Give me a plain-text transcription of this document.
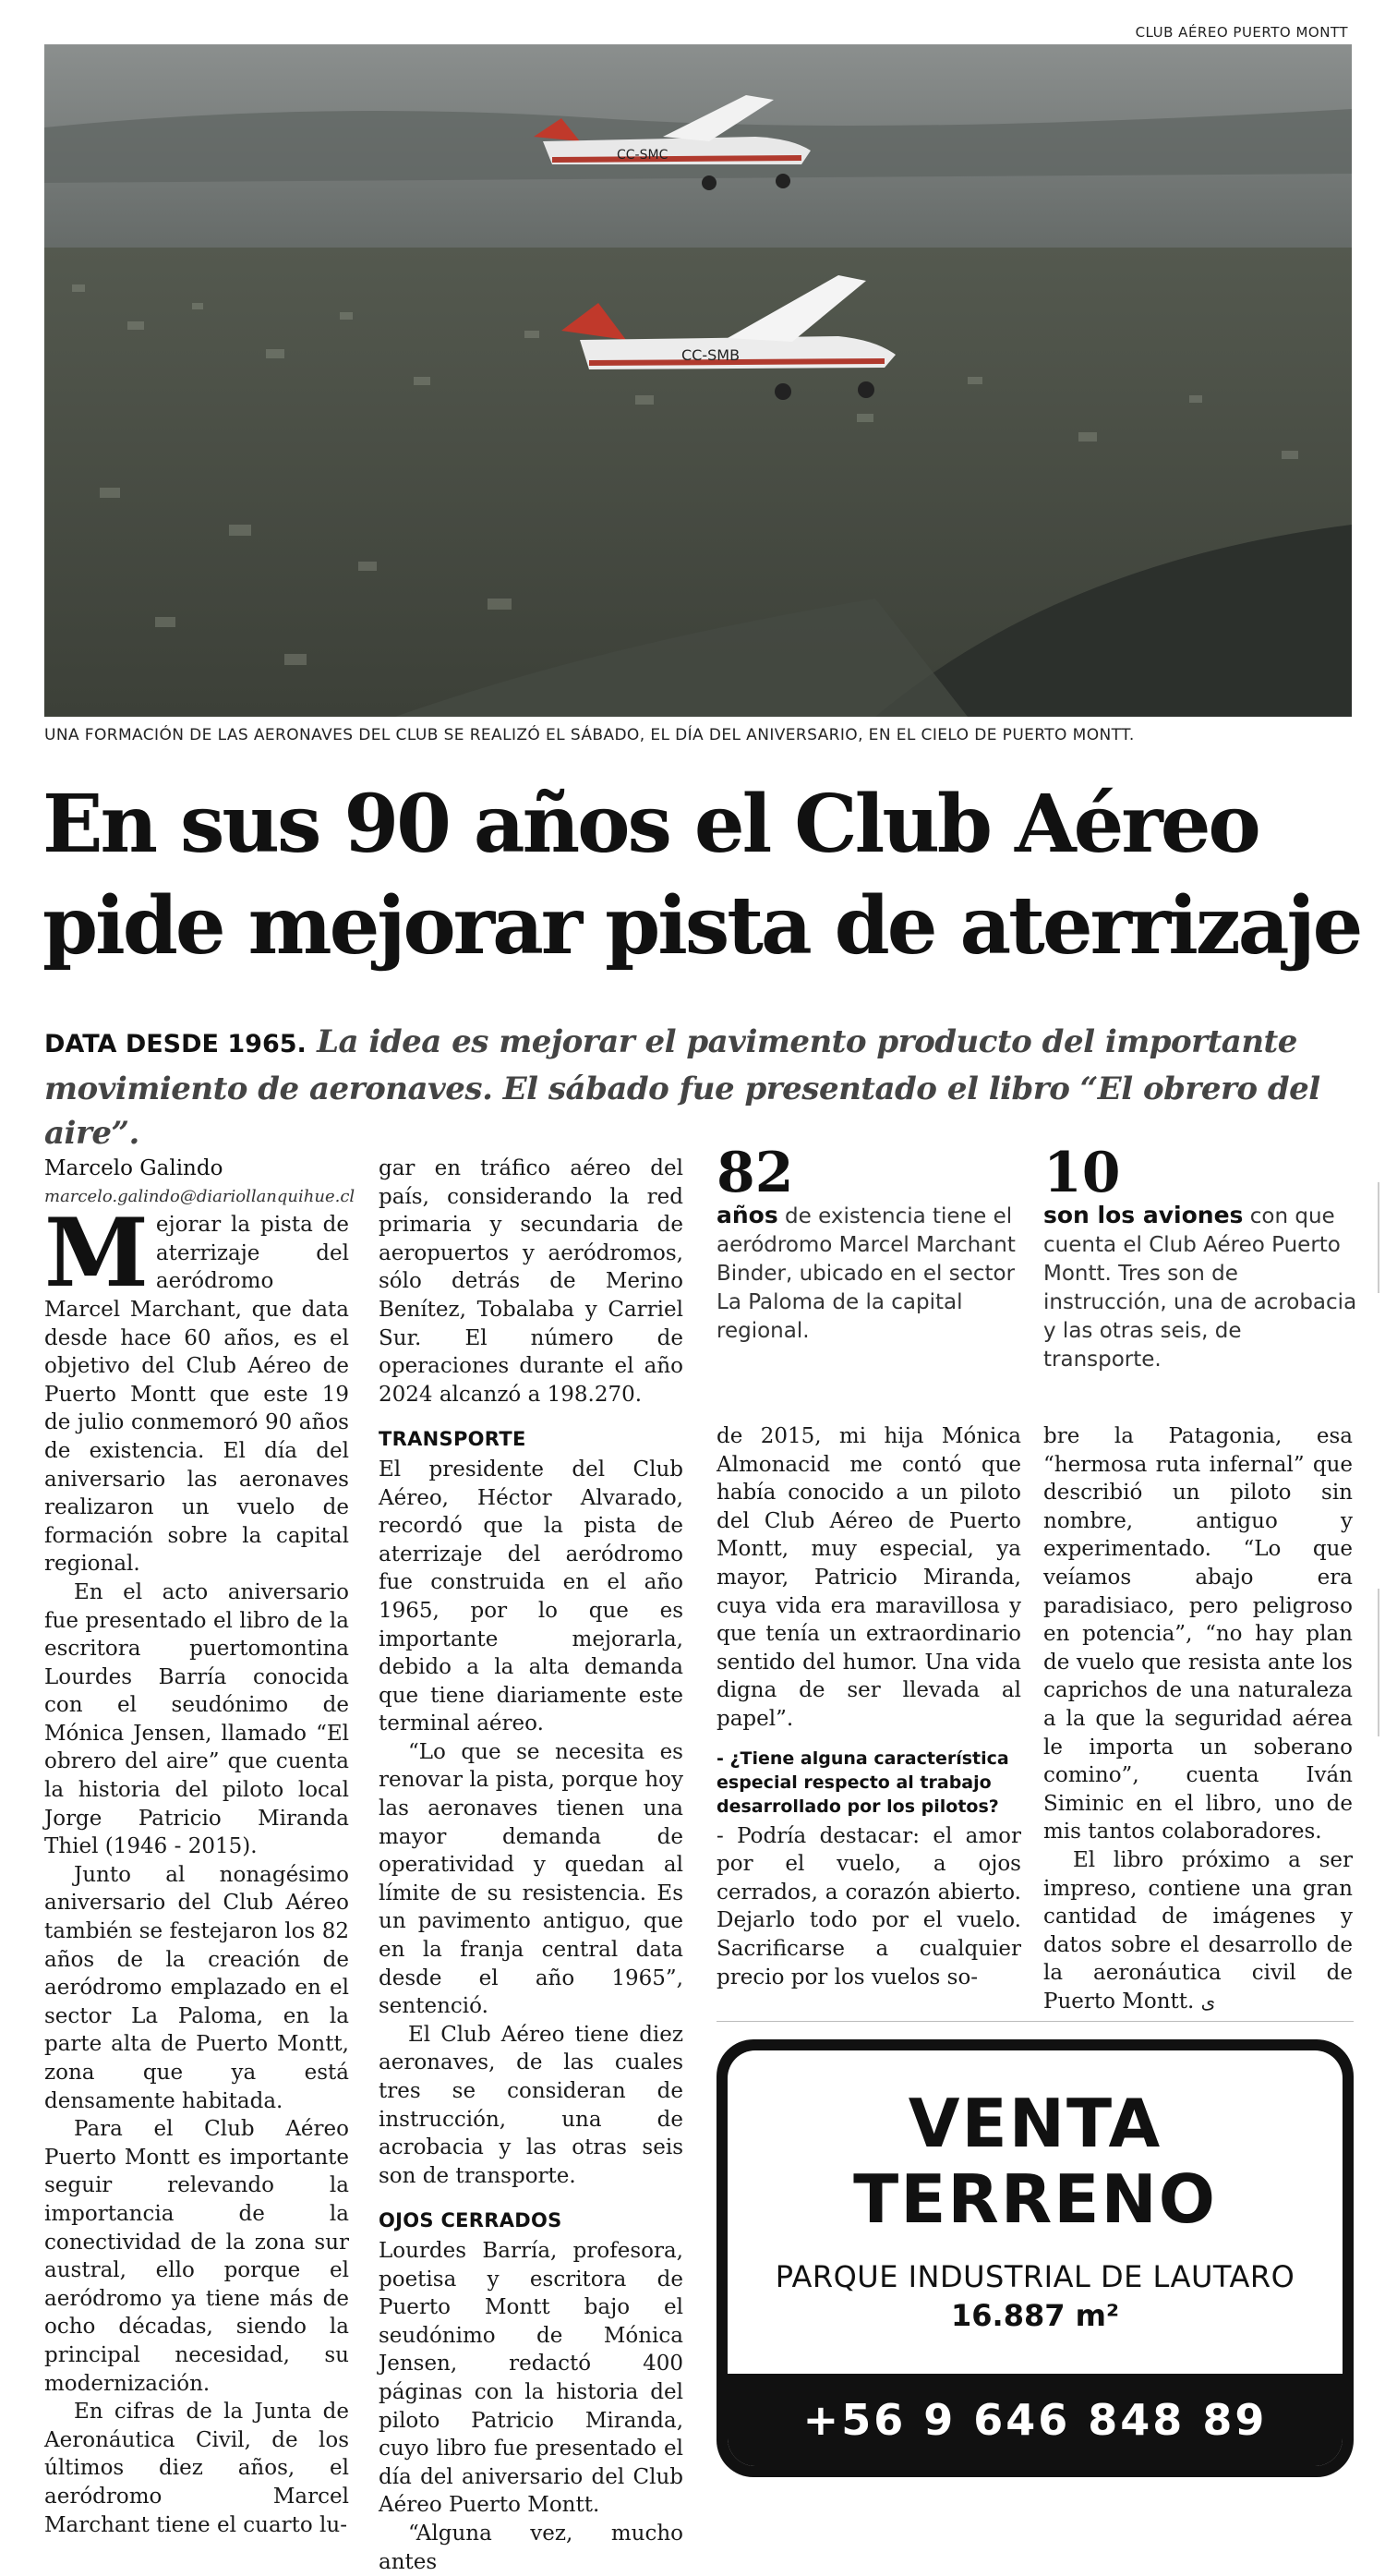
CLUB AÉREO PUERTO MONTT
CC-SMC
CC-SMB
UNA FORMACIÓN DE LAS AERONAVES DEL CLUB SE REALIZÓ EL SÁBADO, EL DÍA DEL ANIVERSARIO, EN EL CIELO DE PUERTO MONTT.
En sus 90 años el Club Aéreo
pide mejorar pista de aterrizaje
DATA DESDE 1965. La idea es mejorar el pavimento producto del importante movimiento de aeronaves. El sábado fue presentado el libro “El obrero del aire”.

Marcelo Galindo

marcelo.galindo@diariollanquihue.cl

Mejorar la pista de aterrizaje del aeródromo Marcel Marchant, que data desde hace 60 años, es el objetivo del Club Aéreo de Puerto Montt que este 19 de julio conmemoró 90 años de existencia. El día del aniversario las aeronaves realizaron un vuelo de formación sobre la capital regional.

En el acto aniversario fue presentado el libro de la escritora puertomontina Lourdes Barría conocida con el seudónimo de Mónica Jensen, llamado “El obrero del aire” que cuenta la historia del piloto local Jorge Patricio Miranda Thiel (1946 - 2015).

Junto al nonagésimo aniversario del Club Aéreo también se festejaron los 82 años de la creación de aeródromo emplazado en el sector La Paloma, en la parte alta de Puerto Montt, zona que ya está densamente habitada.

Para el Club Aéreo Puerto Montt es importante seguir relevando la importancia de la conectividad de la zona sur austral, ello porque el aeródromo ya tiene más de ocho décadas, siendo la principal necesidad, su modernización.

En cifras de la Junta de Aeronáutica Civil, de los últimos diez años, el aeródromo Marcel Marchant tiene el cuarto lu-

gar en tráfico aéreo del país, considerando la red primaria y secundaria de aeropuertos y aeródromos, sólo detrás de Merino Benítez, Tobalaba y Carriel Sur. El número de operaciones durante el año 2024 alcanzó a 198.270.

TRANSPORTE

El presidente del Club Aéreo, Héctor Alvarado, recordó que la pista de aterrizaje del aeródromo fue construida en el año 1965, por lo que es importante mejorarla, debido a la alta demanda que tiene diariamente este terminal aéreo.

“Lo que se necesita es renovar la pista, porque hoy las aeronaves tienen una mayor demanda de operatividad y quedan al límite de su resistencia. Es un pavimento antiguo, que en la franja central data desde el año 1965”, sentenció.

El Club Aéreo tiene diez aeronaves, de las cuales tres se consideran de instrucción, una de acrobacia y las otras seis son de transporte.

OJOS CERRADOS

Lourdes Barría, profesora, poetisa y escritora de Puerto Montt bajo el seudónimo de Mónica Jensen, redactó 400 páginas con la historia del piloto Patricio Miranda, cuyo libro fue presentado el día del aniversario del Club Aéreo Puerto Montt.

“Alguna vez, mucho antes

82
años de existencia tiene el aeródromo Marcel Marchant Binder, ubicado en el sector La Paloma de la capital regional.
10
son los aviones con que cuenta el Club Aéreo Puerto Montt. Tres son de instrucción, una de acrobacia y las otras seis, de transporte.

de 2015, mi hija Mónica Almonacid me contó que había conocido a un piloto del Club Aéreo de Puerto Montt, muy especial, ya mayor, Patricio Miranda, cuya vida era maravillosa y que tenía un extraordinario sentido del humor. Una vida digna de ser llevada al papel”.

- ¿Tiene alguna característica especial respecto al trabajo desarrollado por los pilotos?

- Podría destacar: el amor por el vuelo, a ojos cerrados, a corazón abierto. Dejarlo todo por el vuelo. Sacrificarse a cualquier precio por los vuelos so-

bre la Patagonia, esa “hermosa ruta infernal” que describió un piloto sin nombre, antiguo y experimentado. “Lo que veíamos abajo era paradisiaco, pero peligroso en potencia”, “no hay plan de vuelo que resista ante los caprichos de una naturaleza a la que la seguridad aérea le importa un soberano comino”, cuenta Iván Siminic en el libro, uno de mis tantos colaboradores.

El libro próximo a ser impreso, contiene una gran cantidad de imágenes y datos sobre el desarrollo de la aeronáutica civil de Puerto Montt. ﻯ

VENTA
TERRENO
PARQUE INDUSTRIAL DE LAUTARO
16.887 m²
+56 9 646 848 89
